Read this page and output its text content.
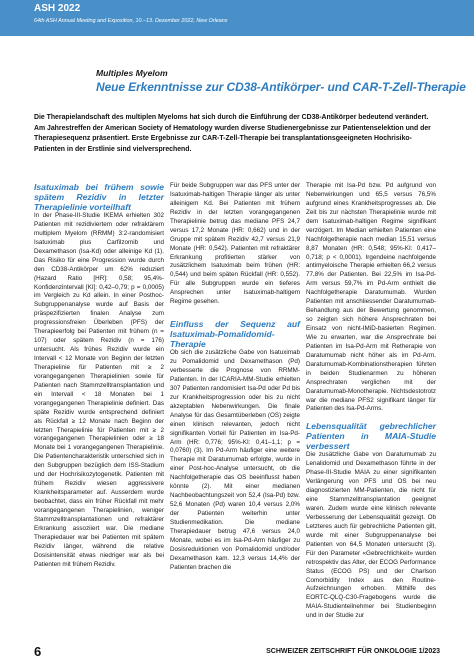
ASH 2022
64th ASH Annual Meeting and Exposition, 10.–13. Dezember 2022, New Orleans
Multiples Myelom
Neue Erkenntnisse zur CD38-Antikörper- und CAR-T-Zell-Therapie
Die Therapielandschaft des multiplen Myeloms hat sich durch die Einführung der CD38-Antikörper bedeutend verändert. Am Jahrestreffen der American Society of Hematology wurden diverse Studienergebnisse zur Patientenselektion und der Therapiesequenz präsentiert. Erste Ergebnisse zur CAR-T-Zell-Therapie bei transplantationsgeeigneten Hochrisiko-Patienten in der Erstlinie sind vielversprechend.
Isatuximab bei frühem sowie spätem Rezidiv in letzter Therapielinie vorteilhaft

In der Phase-III-Studie IKEMA erhielten 302 Patienten mit rezidiviertem oder refraktärem multiplem Myelom (RRMM) 3:2-randomisiert Isatuximab plus Carfilzomib und Dexamethason (Isa-Kd) oder alleinige Kd (1). Das Risiko für eine Progression wurde durch den CD38-Antikörper um 62% reduziert (Hazard Ratio [HR]: 0,58; 95,4%-Konfidenzintervall [KI]: 0,42–0,79; p = 0,0005) im Vergleich zu Kd allein. In einer Posthoc-Subgruppenanalyse wurde auf Basis der präspezifizierten finalen Analyse zum progressionsfreien Überleben (PFS) der Therapieerfolg bei Patienten mit frühem (n = 107) oder spätem Rezidiv (n = 176) untersucht. Als frühes Rezidiv wurde ein Intervall < 12 Monate von Beginn der letzten Therapielinie für Patienten mit ≥ 2 vorangegangenen Therapielinien sowie für Patienten nach Stammzelltransplantation und ein Intervall < 18 Monaten bei 1 vorangegangenen Therapielinie definiert. Das späte Rezidiv wurde entsprechend definiert als Rückfall ≥ 12 Monate nach Beginn der letzten Therapielinie für Patienten mit ≥ 2 vorangegangenen Therapielinien oder ≥ 18 Monate bei 1 vorangegangenen Therapielinie. Die Patientencharakteristik unterschied sich in den Subgruppen bezüglich dem ISS-Stadium und der Hochrisikozytogenetik. Patienten mit frühem Rezidiv wiesen aggressivere Krankheitsparameter auf. Ausserdem wurde beobachtet, dass ein früher Rückfall mit mehr vorangegangenen Therapielinien, weniger Stammzelltransplantationen und refraktärer Erkrankung assoziiert war. Die mediane Therapiedauer war bei Patienten mit spätem Rezidiv länger, während die relative Dosisintensität etwas niedriger war als bei Patienten mit frühem Rezidiv.

Für beide Subgruppen war das PFS unter der Isatuximab-haltigen Therapie länger als unter alleinigem Kd. Bei Patienten mit frühem Rezidiv in der letzten vorangegangenen Therapielinie betrug das mediane PFS 24,7 versus 17,2 Monate (HR: 0,662) und in der Gruppe mit spätem Rezidiv 42,7 versus 21,9 Monate (HR: 0,542). Patienten mit refraktärer Erkrankung profitierten stärker von zusätzlichem Isatuximab beim frühen (HR: 0,544) und beim späten Rückfall (HR: 0,552). Für alle Subgruppen wurde ein tieferes Ansprechen unter Isatuximab-haltigem Regime gesehen.

Einfluss der Sequenz auf Isatuximab-Pomalidomid-Therapie

Ob sich die zusätzliche Gabe von Isatuximab zu Pomalidomid und Dexamethason (Pd) verbesserte die Prognose von RRMM-Patienten. In der ICARIA-MM-Studie erhielten 307 Patienten randomisiert Isa-Pd oder Pd bis zur Krankheitsprogression oder bis zu nicht akzeptablen Nebenwirkungen. Die finale Analyse für das Gesamtüberleben (OS) zeigte einen klinisch relevanten, jedoch nicht signifikanten Vorteil für Patienten im Isa-Pd-Arm (HR: 0,776; 95%-KI: 0,41–1,1; p = 0,0760) (3). Im Pd-Arm häufiger eine weitere Therapie mit Daratumumab erfolgte, wurde in einer Post-hoc-Analyse untersucht, ob die Nachfolgetherapie das OS beeinflusst haben könnte (2). Mit einer medianen Nachbeobachtungszeit von 52,4 (Isa-Pd) bzw. 52,6 Monaten (Pd) waren 10,4 versus 2,0% der Patienten weiterhin unter Studienmedikation. Die mediane Therapiedauer betrug 47,6 versus 24,0 Monate, wobei es im Isa-Pd-Arm häufiger zu Dosisreduktionen von Pomalidomid und/oder Dexamethason kam. 12,3 versus 14,4% der Patienten brachen die

Therapie mit Isa-Pd bzw. Pd aufgrund von Nebenwirkungen und 65,5 versus 76,5% aufgrund eines Krankheitsprogresses ab. Die Zeit bis zur nächsten Therapielinie wurde mit dem Isatuximab-haltigen Regime signifikant verzögert. Im Median erhielten Patienten eine Nachfolgetherapie nach median 15,51 versus 8,87 Monaten (HR: 0,548; 95%-KI: 0,417–0,718; p < 0,0001). Irgendeine nachfolgende antimyeloische Therapie erhielten 66,2 versus 77,8% der Patienten. Bei 22,5% im Isa-Pd-Arm versus 59,7% im Pd-Arm enthielt die Nachfolgetherapie Daratumumab. Wurden Patienten mit anschliessender Daratumumab-Behandlung aus der Bewertung genommen, so zeigten sich höhere Ansprechraten bei Einsatz von nicht-IMiD-basierten Regimen. Wie zu erwarten, war die Ansprechrate bei Patienten im Isa-Pd-Arm mit Retherapie von Daratumumab nicht höher als im Pd-Arm. Daratumumab-Kombinationstherapien führten in beiden Studienarmen zu höheren Ansprechraten verglichen mit der Daratumumab-Monotherapie. Nichtsdestotrotz war die mediane PFS2 signifikant länger für Patienten des Isa-Pd-Arms.

Lebensqualität gebrechlicher Patienten in MAIA-Studie verbessert

Die zusätzliche Gabe von Daratumumab zu Lenalidomid und Dexamethason führte in der Phase-III-Studie MAIA zu einer signifikanten Verlängerung von PFS und OS bei neu diagnostizierten MM-Patienten, die nicht für eine Stammzelltransplantation geeignet waren. Zudem wurde eine klinisch relevante Verbesserung der Lebensqualität gezeigt. Ob Letzteres auch für gebrechliche Patienten gilt, wurde mit einer Subgruppenanalyse bei Patienten von 64,5 Monaten untersucht (3). Für den Parameter «Gebrechlichkeit» wurden retrospektiv das Alter, der ECOG Performance Status (ECOG PS) und der Charlson Comorbidity Index aus den Routine-Aufzeichnungen erhoben. Mithilfe des EORTC-QLQ-C30-Fragebogens wurde die MAIA-Studienteilnehmer bei Studienbeginn und in der Studie zur

6	SCHWEIZER ZEITSCHRIFT FÜR ONKOLOGIE 1/2023
